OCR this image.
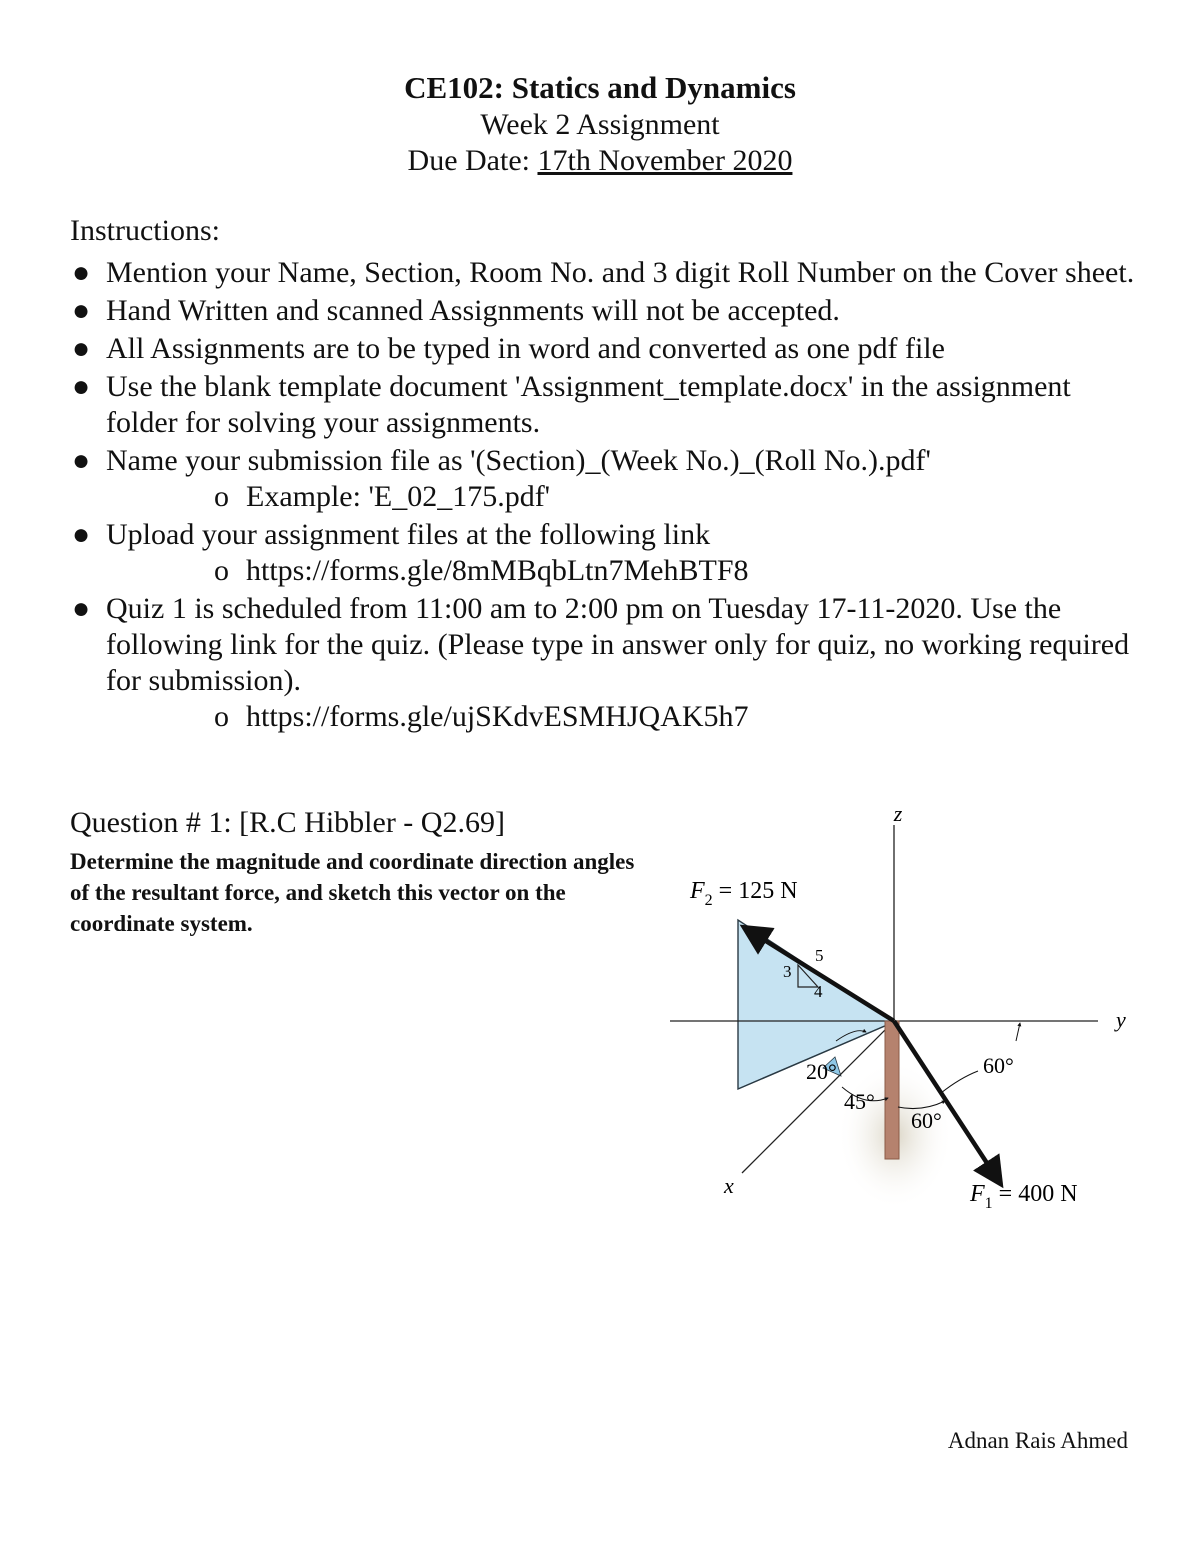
CE102: Statics and Dynamics
Week 2 Assignment
Due Date: 17th November 2020
Instructions:
● Mention your Name, Section, Room No. and 3 digit Roll Number on the Cover sheet.
● Hand Written and scanned Assignments will not be accepted.
● All Assignments are to be typed in word and converted as one pdf file
● Use the blank template document 'Assignment_template.docx' in the assignment folder for solving your assignments.
● Name your submission file as '(Section)_(Week No.)_(Roll No.).pdf'
o Example: 'E_02_175.pdf'
● Upload your assignment files at the following link
o https://forms.gle/8mMBqbLtn7MehBTF8
● Quiz 1 is scheduled from 11:00 am to 2:00 pm on Tuesday 17-11-2020. Use the following link for the quiz. (Please type in answer only for quiz, no working required for submission).
o https://forms.gle/ujSKdvESMHJQAK5h7
Question # 1: [R.C Hibbler - Q2.69]
Determine the magnitude and coordinate direction angles of the resultant force, and sketch this vector on the coordinate system.
z
y
x
$F_2 = 125$ N
$F_1 = 400$ N
3
4
5
20°
45°
60°
60°
Adnan Rais Ahmed
